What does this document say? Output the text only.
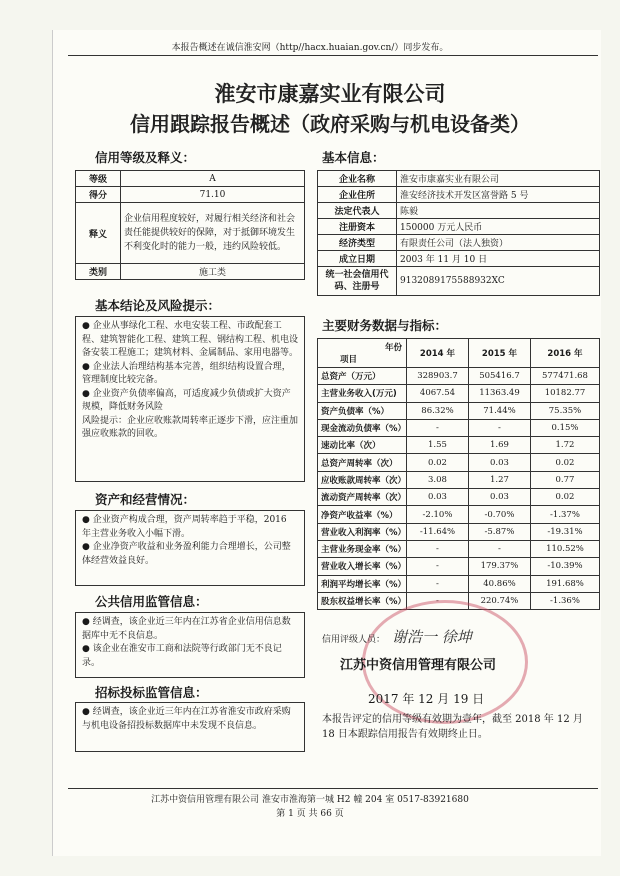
本报告概述在诚信淮安网（http//hacx.huaian.gov.cn/）同步发布。
淮安市康嘉实业有限公司
信用跟踪报告概述（政府采购与机电设备类）
信用等级及释义：
等级	A
得分	71.10
释义	企业信用程度较好，对履行相关经济和社会责任能提供较好的保障，对于抵御环境发生不利变化时的能力一般，违约风险较低。
类别	施工类
基本信息：
企业名称	淮安市康嘉实业有限公司
企业住所	淮安经济技术开发区富誉路 5 号
法定代表人	陈毅
注册资本	150000 万元人民币
经济类型	有限责任公司（法人独资）
成立日期	2003 年 11 月 10 日
统一社会信用代码、注册号	913208917558893​2XC
基本结论及风险提示：

● 企业从事绿化工程、水电安装工程、市政配套工程、建筑智能化工程、建筑工程、钢结构工程、机电设备安装工程施工；建筑材料、金属制品、家用电器等。

● 企业法人治理结构基本完善，组织结构设置合理，管理制度比较完备。

● 企业资产负债率偏高，可适度减少负债或扩大资产规模，降低财务风险

风险提示：企业应收账款周转率正逐步下滑，应注重加强应收账款的回收。

资产和经营情况：

● 企业资产构成合理，资产周转率趋于平稳，2016 年主营业务收入小幅下滑。

● 企业净资产收益和业务盈利能力合理增长，公司整体经营效益良好。

公共信用监管信息：

● 经调查，该企业近三年内在江苏省企业信用信息数据库中无不良信息。

● 该企业在淮安市工商和法院等行政部门无不良记录。

招标投标监管信息：

● 经调查，该企业近三年内在江苏省淮安市政府采购与机电设备招投标数据库中未发现不良信息。

主要财务数据与指标：
年份
项目	2014 年	2015 年	2016 年
总资产（万元）	328903.7	505416.7	577471.68
主营业务收入(万元)	4067.54	11363.49	10182.77
资产负债率（%）	86.32%	71.44%	75.35%
现金流动负债率（%）	-	-	0.15%
速动比率（次）	1.55	1.69	1.72
总资产周转率（次）	0.02	0.03	0.02
应收账款周转率（次）	3.08	1.27	0.77
流动资产周转率（次）	0.03	0.03	0.02
净资产收益率（%）	-2.10%	-0.70%	-1.37%
营业收入利润率（%）	-11.64%	-5.87%	-19.31%
主营业务现金率（%）	-	-	110.52%
营业收入增长率（%）	-	179.37%	-10.39%
利润平均增长率（%）	-	40.86%	191.68%
股东权益增长率（%）	-	220.74%	-1.36%
信用评级人员： 谢浩一 徐坤
江苏中资信用管理有限公司
2017 年 12 月 19 日
本报告评定的信用等级有效期为壹年，截至 2018 年 12 月 18 日本跟踪信用报告有效期终止日。
江苏中资信用管理有限公司 淮安市淮海第一城 H2 幢 204 室 0517-83921680
第 1 页 共 66 页
